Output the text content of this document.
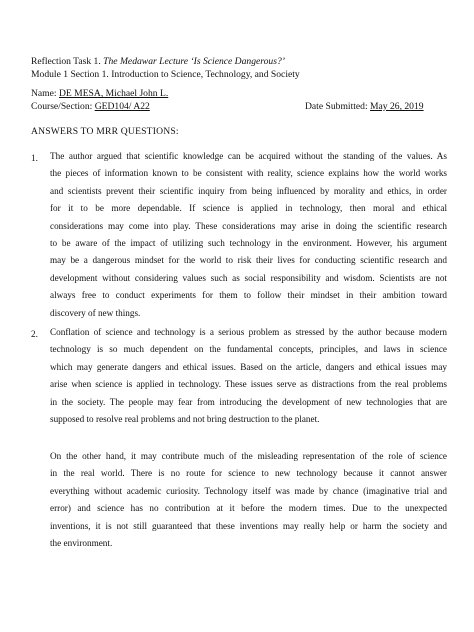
Reflection Task 1. The Medawar Lecture ‘Is Science Dangerous?’
Module 1 Section 1. Introduction to Science, Technology, and Society
Name: DE MESA, Michael John L.
Course/Section: GED104/ A22	Date Submitted: May 26, 2019
ANSWERS TO MRR QUESTIONS:
1. The author argued that scientific knowledge can be acquired without the standing of the values. As
the pieces of information known to be consistent with reality, science explains how the world works
and scientists prevent their scientific inquiry from being influenced by morality and ethics, in order
for it to be more dependable. If science is applied in technology, then moral and ethical
considerations may come into play. These considerations may arise in doing the scientific research
to be aware of the impact of utilizing such technology in the environment. However, his argument
may be a dangerous mindset for the world to risk their lives for conducting scientific research and
development without considering values such as social responsibility and wisdom. Scientists are not
always free to conduct experiments for them to follow their mindset in their ambition toward
discovery of new things.
2. Conflation of science and technology is a serious problem as stressed by the author because modern
technology is so much dependent on the fundamental concepts, principles, and laws in science
which may generate dangers and ethical issues. Based on the article, dangers and ethical issues may
arise when science is applied in technology. These issues serve as distractions from the real problems
in the society. The people may fear from introducing the development of new technologies that are
supposed to resolve real problems and not bring destruction to the planet.
On the other hand, it may contribute much of the misleading representation of the role of science
in the real world. There is no route for science to new technology because it cannot answer
everything without academic curiosity. Technology itself was made by chance (imaginative trial and
error) and science has no contribution at it before the modern times. Due to the unexpected
inventions, it is not still guaranteed that these inventions may really help or harm the society and
the environment.
